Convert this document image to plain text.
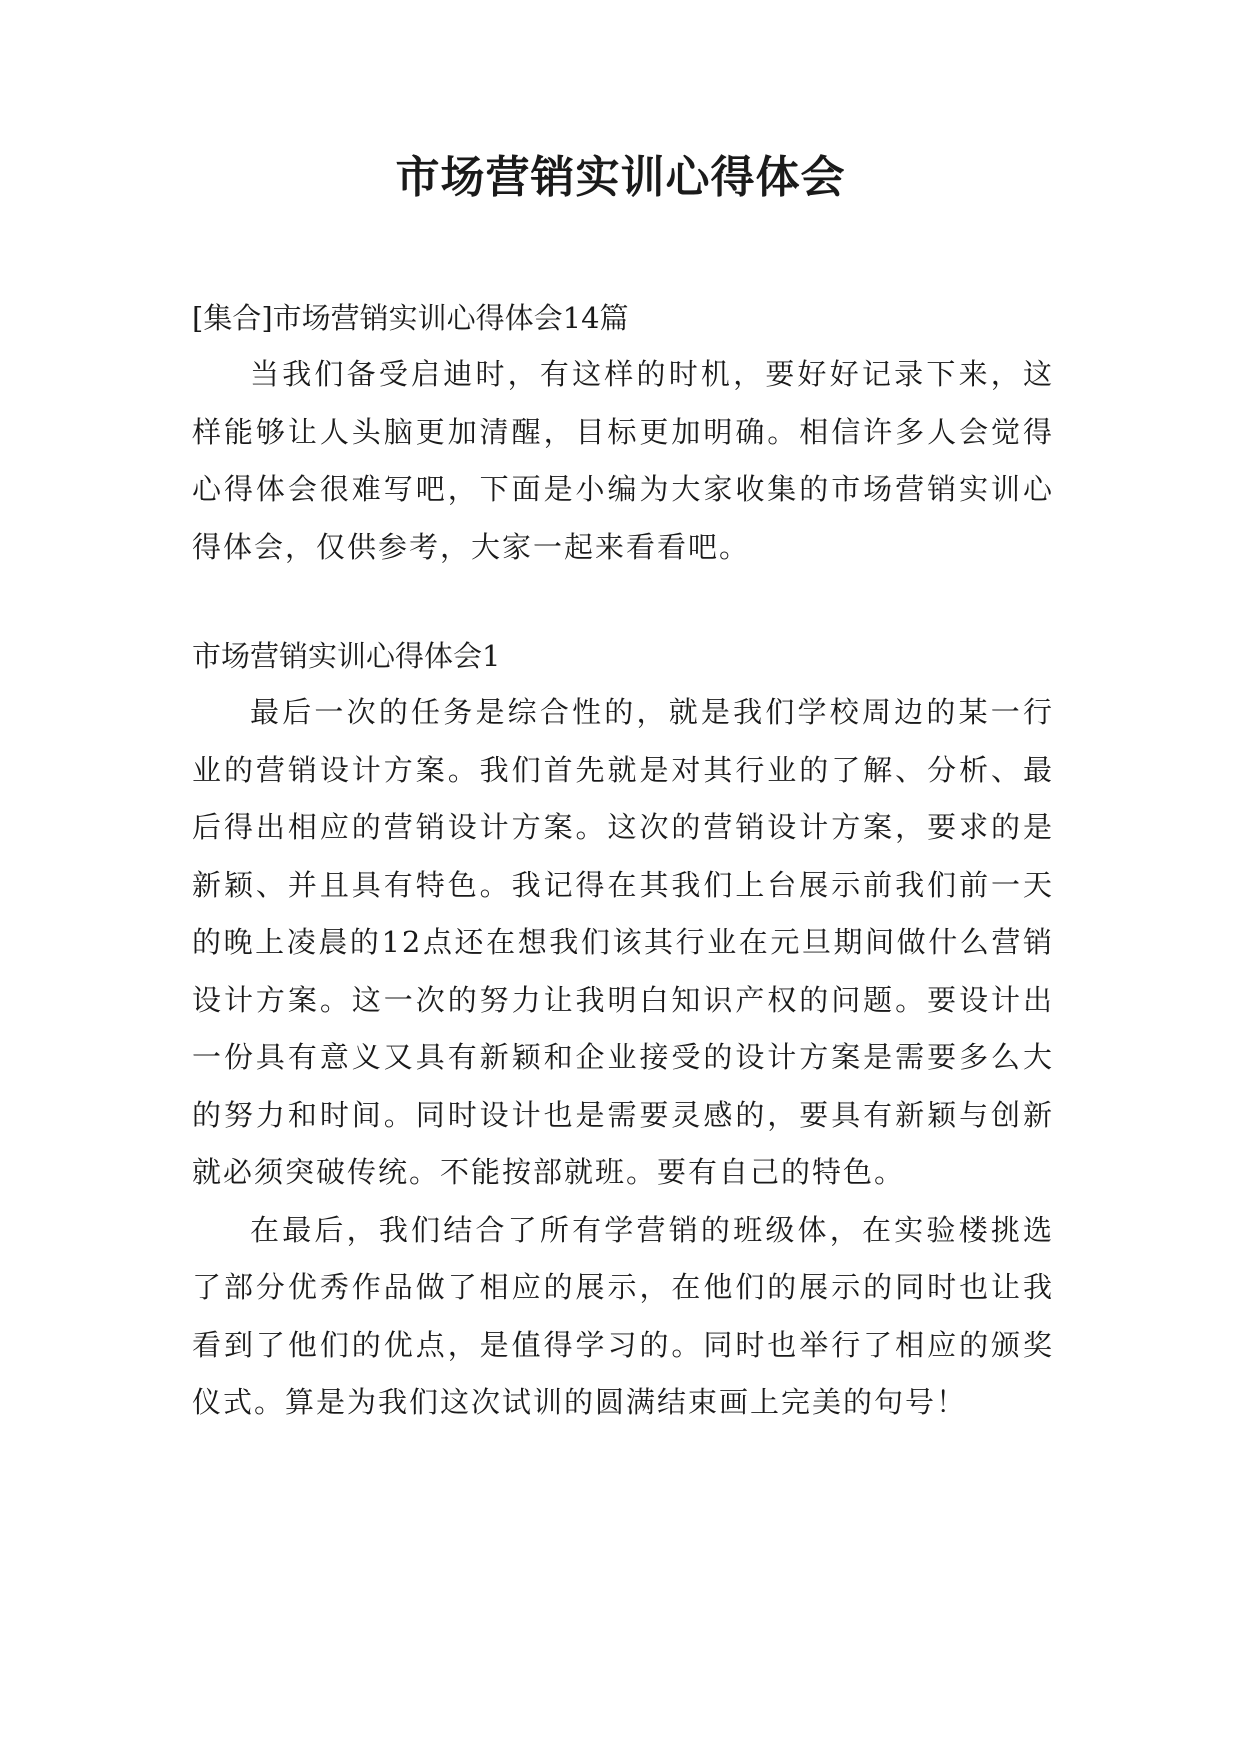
市场营销实训心得体会

[集合]市场营销实训心得体会14篇

当我们备受启迪时，有这样的时机，要好好记录下来，这样能够让人头脑更加清醒，目标更加明确。相信许多人会觉得心得体会很难写吧，下面是小编为大家收集的市场营销实训心得体会，仅供参考，大家一起来看看吧。

市场营销实训心得体会1

最后一次的任务是综合性的，就是我们学校周边的某一行业的营销设计方案。我们首先就是对其行业的了解、分析、最后得出相应的营销设计方案。这次的营销设计方案，要求的是新颖、并且具有特色。我记得在其我们上台展示前我们前一天的晚上凌晨的12点还在想我们该其行业在元旦期间做什么营销设计方案。这一次的努力让我明白知识产权的问题。要设计出一份具有意义又具有新颖和企业接受的设计方案是需要多么大的努力和时间。同时设计也是需要灵感的，要具有新颖与创新就必须突破传统。不能按部就班。要有自己的特色。

在最后，我们结合了所有学营销的班级体，在实验楼挑选了部分优秀作品做了相应的展示，在他们的展示的同时也让我看到了他们的优点，是值得学习的。同时也举行了相应的颁奖仪式。算是为我们这次试训的圆满结束画上完美的句号！
